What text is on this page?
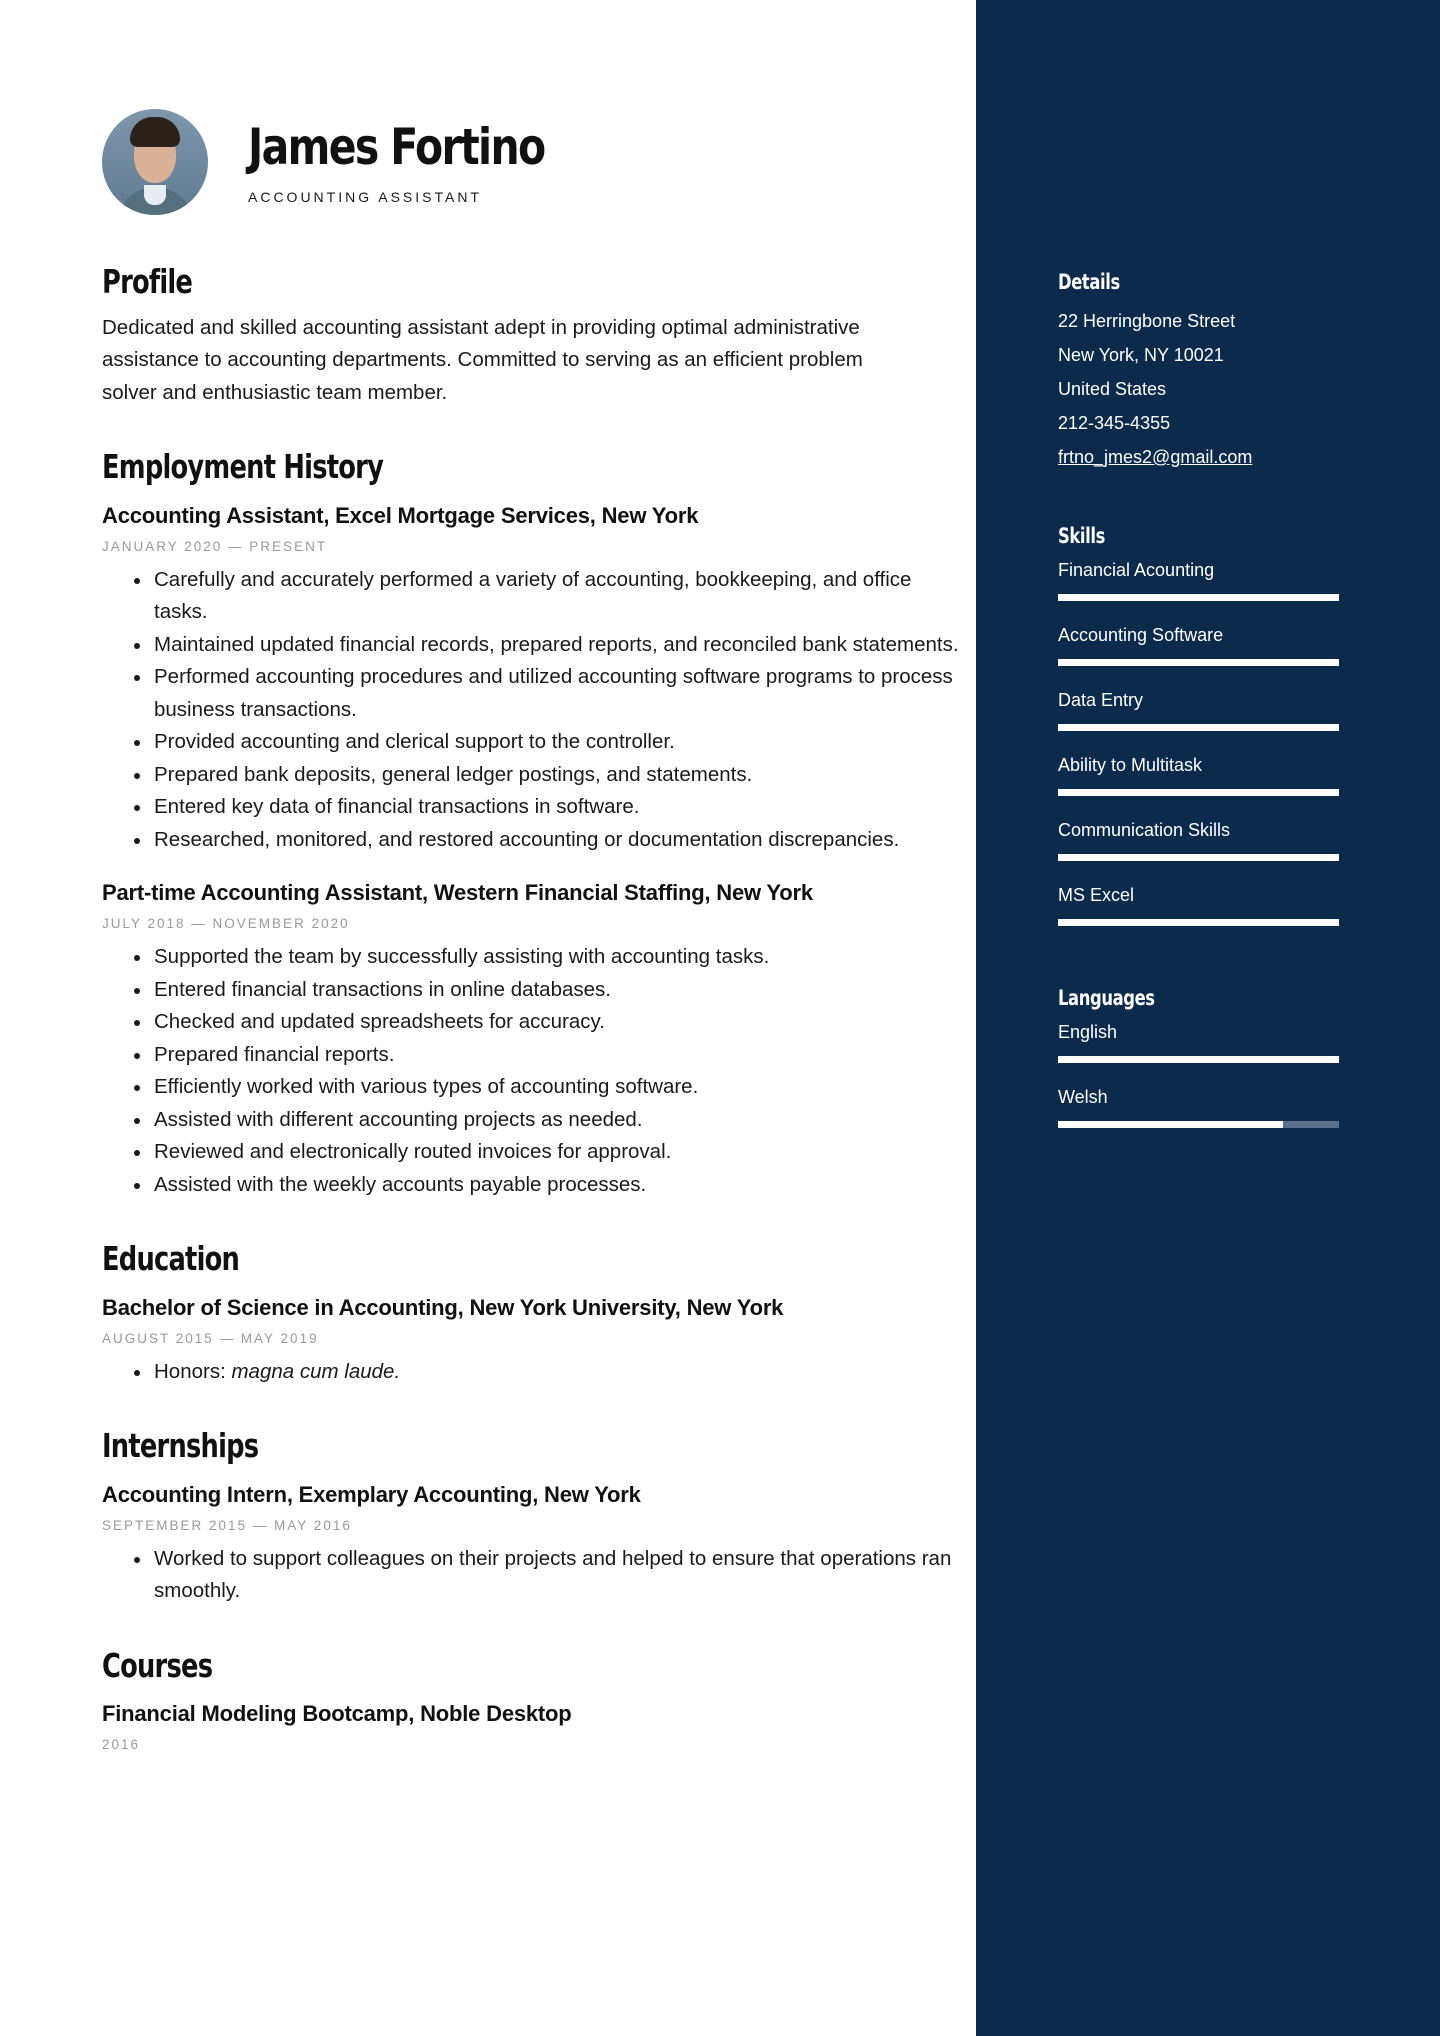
James Fortino
ACCOUNTING ASSISTANT
Profile

Dedicated and skilled accounting assistant adept in providing optimal administrative assistance to accounting departments. Committed to serving as an efficient problem solver and enthusiastic team member.

Employment History
Accounting Assistant, Excel Mortgage Services, New York
JANUARY 2020 — PRESENT
Carefully and accurately performed a variety of accounting, bookkeeping, and office tasks.
Maintained updated financial records, prepared reports, and reconciled bank statements.
Performed accounting procedures and utilized accounting software programs to process business transactions.
Provided accounting and clerical support to the controller.
Prepared bank deposits, general ledger postings, and statements.
Entered key data of financial transactions in software.
Researched, monitored, and restored accounting or documentation discrepancies.
Part-time Accounting Assistant, Western Financial Staffing, New York
JULY 2018 — NOVEMBER 2020
Supported the team by successfully assisting with accounting tasks.
Entered financial transactions in online databases.
Checked and updated spreadsheets for accuracy.
Prepared financial reports.
Efficiently worked with various types of accounting software.
Assisted with different accounting projects as needed.
Reviewed and electronically routed invoices for approval.
Assisted with the weekly accounts payable processes.
Education
Bachelor of Science in Accounting, New York University, New York
AUGUST 2015 — MAY 2019
Honors: magna cum laude.
Internships
Accounting Intern, Exemplary Accounting, New York
SEPTEMBER 2015 — MAY 2016
Worked to support colleagues on their projects and helped to ensure that operations ran smoothly.
Courses
Financial Modeling Bootcamp, Noble Desktop
2016
Details
22 Herringbone Street
New York, NY 10021
United States
212-345-4355
frtno_jmes2@gmail.com
Skills
Financial Acounting
Accounting Software
Data Entry
Ability to Multitask
Communication Skills
MS Excel
Languages
English
Welsh
